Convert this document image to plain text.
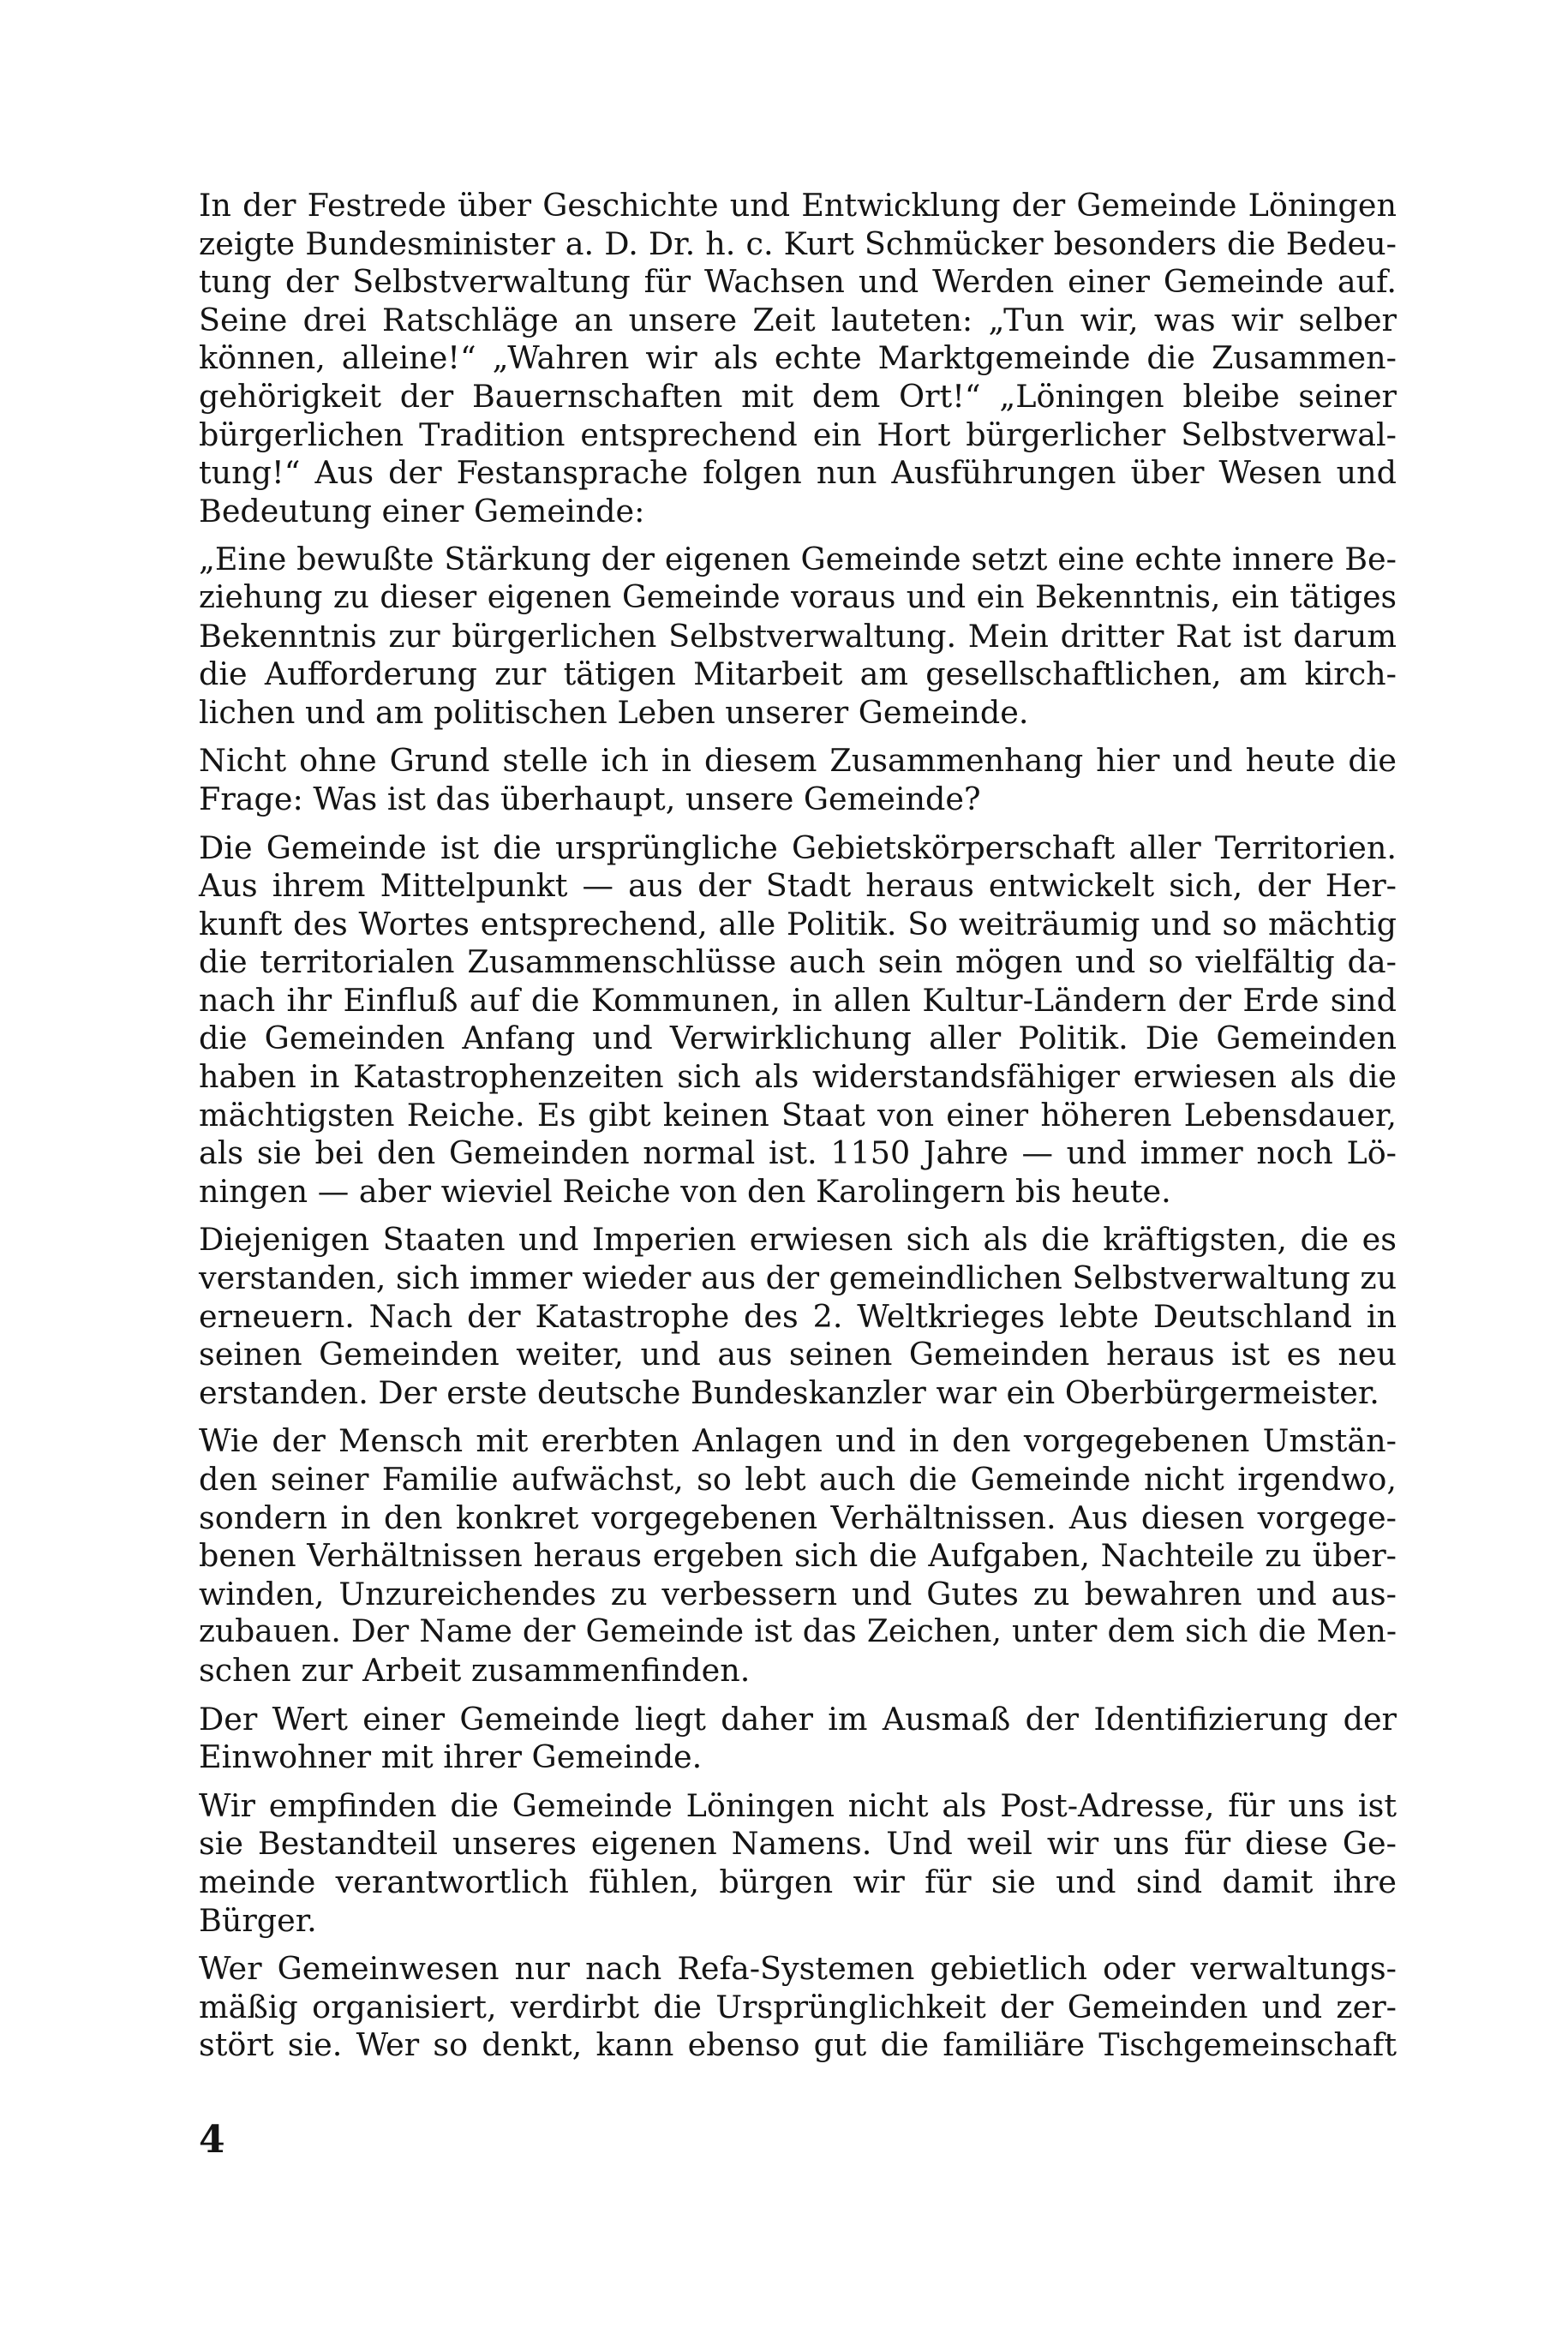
In der Festrede über Geschichte und Entwicklung der Gemeinde Löningen
zeigte Bundesminister a. D. Dr. h. c. Kurt Schmücker besonders die Bedeu-
tung der Selbstverwaltung für Wachsen und Werden einer Gemeinde auf.
Seine drei Ratschläge an unsere Zeit lauteten: „Tun wir, was wir selber
können, alleine!“ „Wahren wir als echte Marktgemeinde die Zusammen-
gehörigkeit der Bauernschaften mit dem Ort!“ „Löningen bleibe seiner
bürgerlichen Tradition entsprechend ein Hort bürgerlicher Selbstverwal-
tung!“ Aus der Festansprache folgen nun Ausführungen über Wesen und
Bedeutung einer Gemeinde:
„Eine bewußte Stärkung der eigenen Gemeinde setzt eine echte innere Be-
ziehung zu dieser eigenen Gemeinde voraus und ein Bekenntnis, ein tätiges
Bekenntnis zur bürgerlichen Selbstverwaltung. Mein dritter Rat ist darum
die Aufforderung zur tätigen Mitarbeit am gesellschaftlichen, am kirch-
lichen und am politischen Leben unserer Gemeinde.
Nicht ohne Grund stelle ich in diesem Zusammenhang hier und heute die
Frage: Was ist das überhaupt, unsere Gemeinde?
Die Gemeinde ist die ursprüngliche Gebietskörperschaft aller Territorien.
Aus ihrem Mittelpunkt — aus der Stadt heraus entwickelt sich, der Her-
kunft des Wortes entsprechend, alle Politik. So weiträumig und so mächtig
die territorialen Zusammenschlüsse auch sein mögen und so vielfältig da-
nach ihr Einfluß auf die Kommunen, in allen Kultur-Ländern der Erde sind
die Gemeinden Anfang und Verwirklichung aller Politik. Die Gemeinden
haben in Katastrophenzeiten sich als widerstandsfähiger erwiesen als die
mächtigsten Reiche. Es gibt keinen Staat von einer höheren Lebensdauer,
als sie bei den Gemeinden normal ist. 1150 Jahre — und immer noch Lö-
ningen — aber wieviel Reiche von den Karolingern bis heute.
Diejenigen Staaten und Imperien erwiesen sich als die kräftigsten, die es
verstanden, sich immer wieder aus der gemeindlichen Selbstverwaltung zu
erneuern. Nach der Katastrophe des 2. Weltkrieges lebte Deutschland in
seinen Gemeinden weiter, und aus seinen Gemeinden heraus ist es neu
erstanden. Der erste deutsche Bundeskanzler war ein Oberbürgermeister.
Wie der Mensch mit ererbten Anlagen und in den vorgegebenen Umstän-
den seiner Familie aufwächst, so lebt auch die Gemeinde nicht irgendwo,
sondern in den konkret vorgegebenen Verhältnissen. Aus diesen vorgege-
benen Verhältnissen heraus ergeben sich die Aufgaben, Nachteile zu über-
winden, Unzureichendes zu verbessern und Gutes zu bewahren und aus-
zubauen. Der Name der Gemeinde ist das Zeichen, unter dem sich die Men-
schen zur Arbeit zusammenfinden.
Der Wert einer Gemeinde liegt daher im Ausmaß der Identifizierung der
Einwohner mit ihrer Gemeinde.
Wir empfinden die Gemeinde Löningen nicht als Post-Adresse, für uns ist
sie Bestandteil unseres eigenen Namens. Und weil wir uns für diese Ge-
meinde verantwortlich fühlen, bürgen wir für sie und sind damit ihre
Bürger.
Wer Gemeinwesen nur nach Refa-Systemen gebietlich oder verwaltungs-
mäßig organisiert, verdirbt die Ursprünglichkeit der Gemeinden und zer-
stört sie. Wer so denkt, kann ebenso gut die familiäre Tischgemeinschaft
4
